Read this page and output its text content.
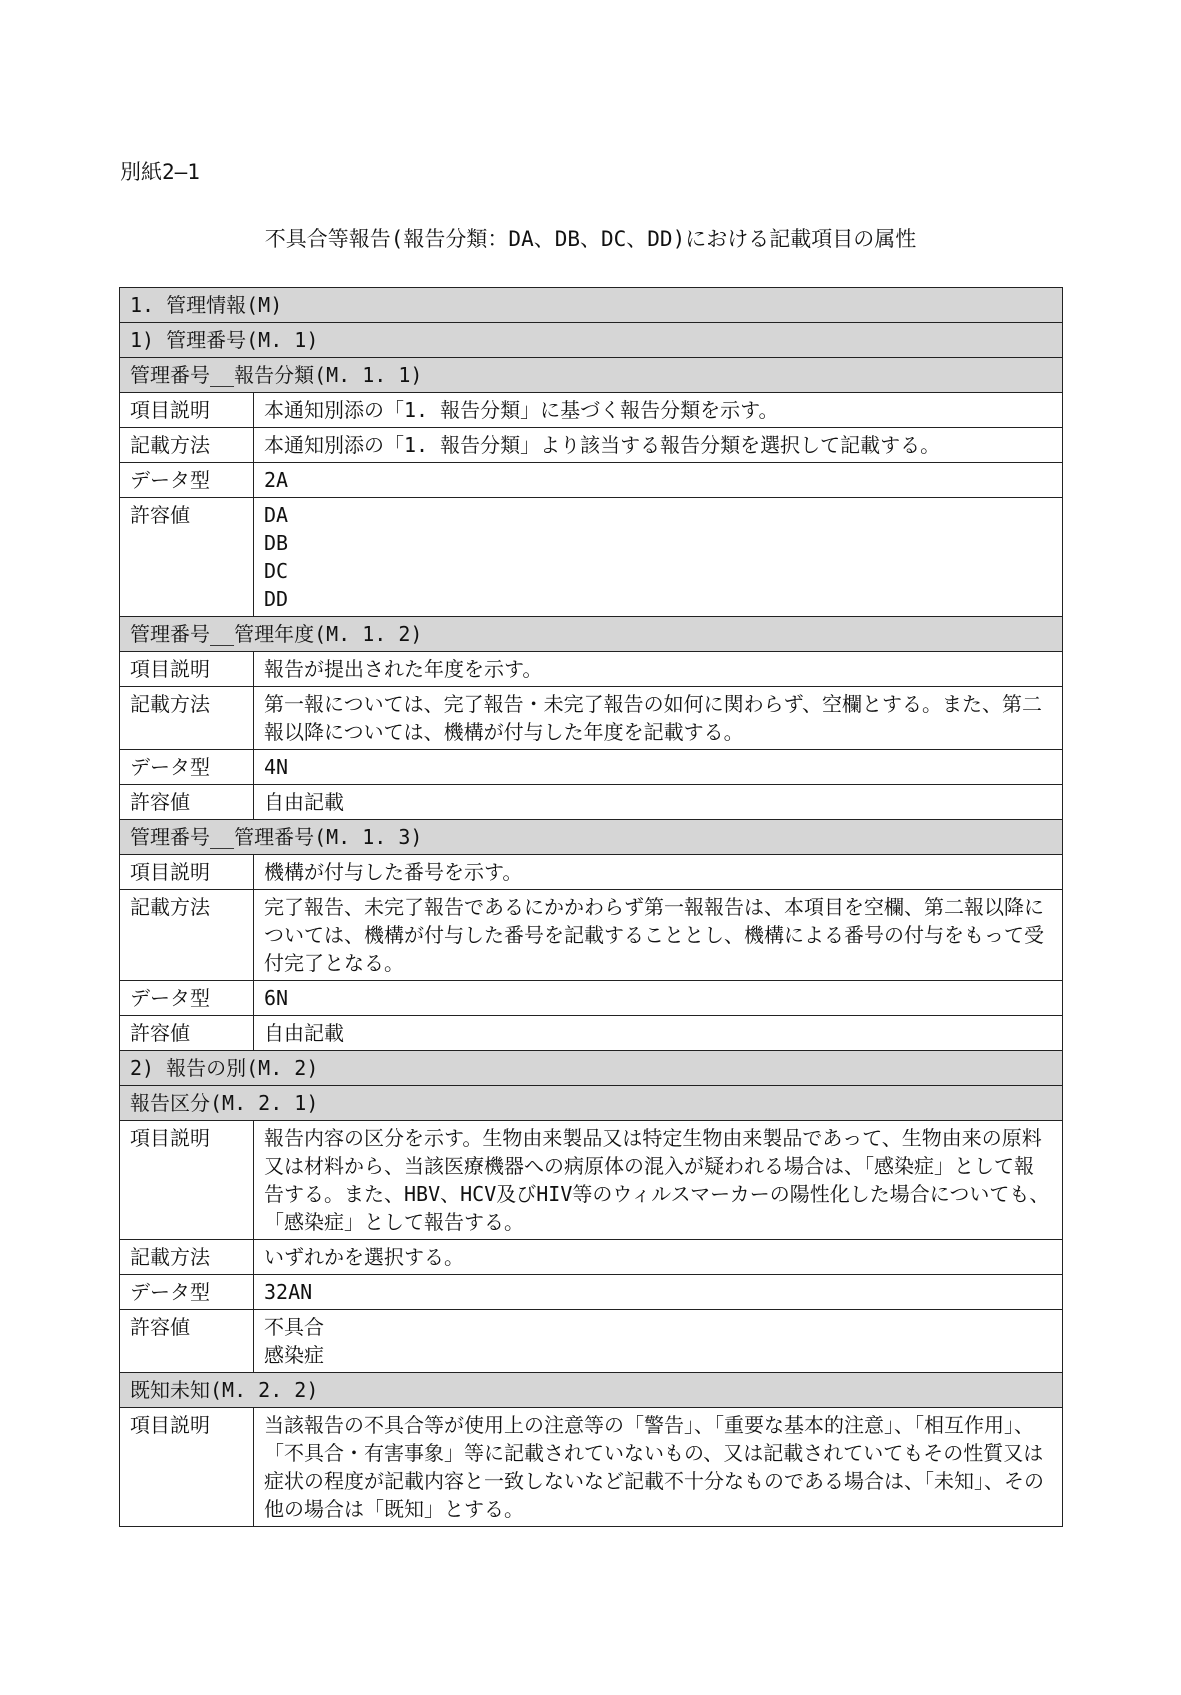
別紙2―1
不具合等報告(報告分類：DA、DB、DC、DD)における記載項目の属性
1. 管理情報(M)	
1) 管理番号(M. 1)	
管理番号__報告分類(M. 1. 1)	
項目説明	本通知別添の「1. 報告分類」に基づく報告分類を示す。
記載方法	本通知別添の「1. 報告分類」より該当する報告分類を選択して記載する。
データ型	2A
許容値	DA
DB
DC
DD

管理番号__管理年度(M. 1. 2)	
項目説明	報告が提出された年度を示す。
記載方法	第一報については、完了報告・未完了報告の如何に関わらず、空欄とする。また、第二報以降については、機構が付与した年度を記載する。
データ型	4N
許容値	自由記載
管理番号__管理番号(M. 1. 3)	
項目説明	機構が付与した番号を示す。
記載方法	完了報告、未完了報告であるにかかわらず第一報報告は、本項目を空欄、第二報以降については、機構が付与した番号を記載することとし、機構による番号の付与をもって受付完了となる。
データ型	6N
許容値	自由記載
2) 報告の別(M. 2)	
報告区分(M. 2. 1)	
項目説明	報告内容の区分を示す。生物由来製品又は特定生物由来製品であって、生物由来の原料又は材料から、当該医療機器への病原体の混入が疑われる場合は、「感染症」として報告する。また、HBV、HCV及びHIV等のウィルスマーカーの陽性化した場合についても、「感染症」として報告する。
記載方法	いずれかを選択する。
データ型	32AN
許容値	不具合
感染症

既知未知(M. 2. 2)	
項目説明	当該報告の不具合等が使用上の注意等の「警告」、「重要な基本的注意」、「相互作用」、「不具合・有害事象」等に記載されていないもの、又は記載されていてもその性質又は症状の程度が記載内容と一致しないなど記載不十分なものである場合は、「未知」、その他の場合は「既知」とする。
